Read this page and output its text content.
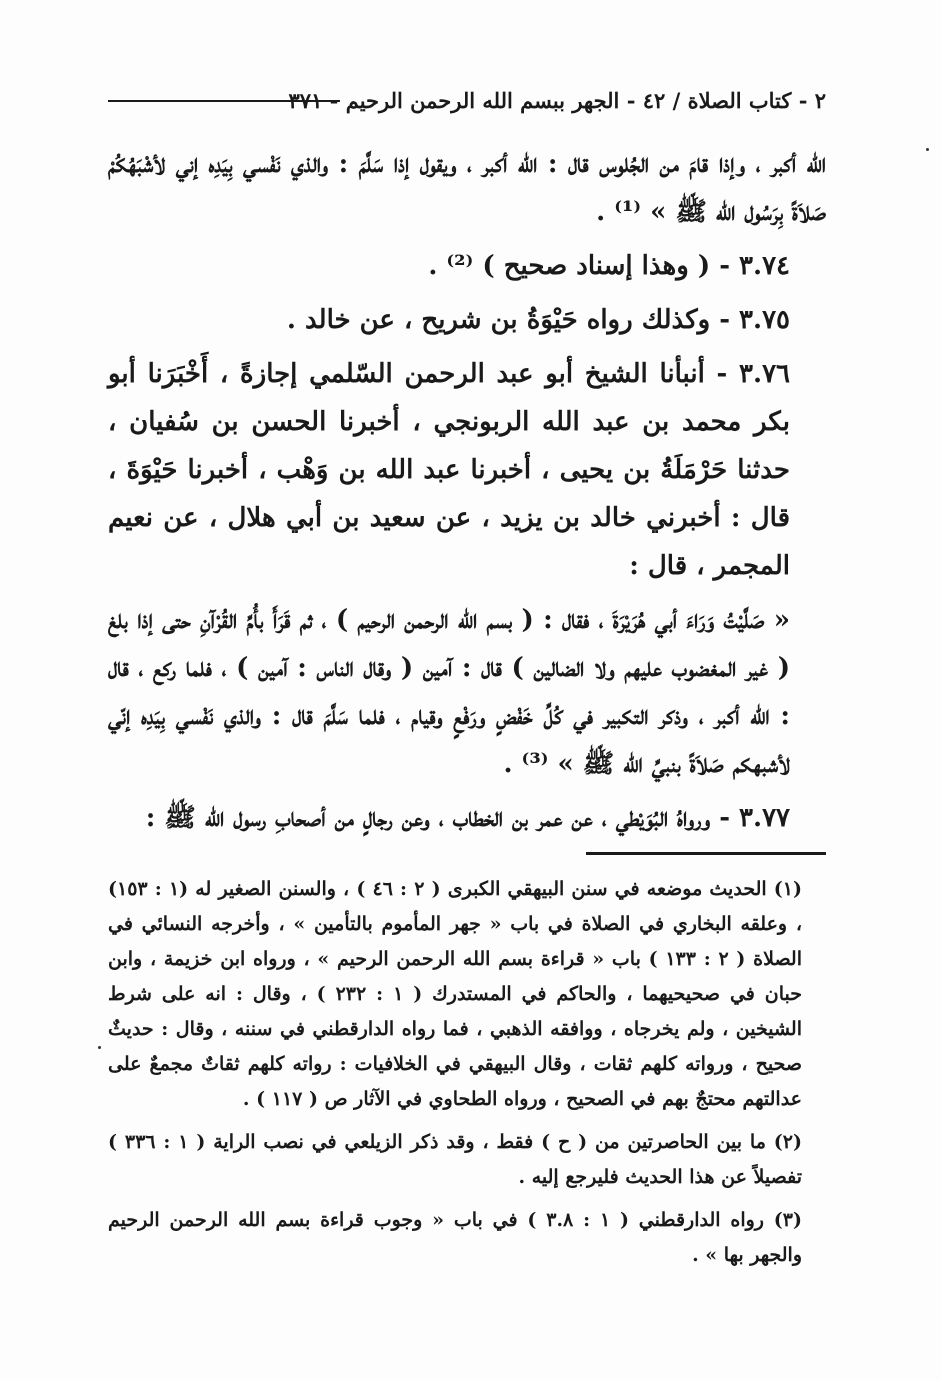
٢ - كتاب الصلاة / ٤٢ - الجهر ببسم الله الرحمن الرحيم - ٣٧١

الله أكبر ، وإذا قامَ من الجُلوس قال : الله أكبر ، ويقول إذا سَلَّمَ : والذي نَفْسي بِيَدِه إني لأشْبَهُكُمْ صَلاَةً بِرَسُول الله ﷺ » ⁽¹⁾ .

٣.٧٤ - ( وهذا إسناد صحيح ) ⁽²⁾ .

٣.٧٥ - وكذلك رواه حَيْوَةُ بن شريح ، عن خالد .

٣.٧٦ - أنبأنا الشيخ أبو عبد الرحمن السّلمي إجازةً ، أَخْبَرَنا أبو بكر محمد بن عبد الله الربونجي ، أخبرنا الحسن بن سُفيان ، حدثنا حَرْمَلَةُ بن يحيى ، أخبرنا عبد الله بن وَهْب ، أخبرنا حَيْوَةَ ، قال : أخبرني خالد بن يزيد ، عن سعيد بن أبي هلال ، عن نعيم المجمر ، قال :

« صَلَّيْتُ وَرَاءَ أبي هُرَيْرَةَ ، فقال : ( بسم الله الرحمن الرحيم ) ، ثم قَرَأَ بأُمِّ القُرْآنِ حتى إذا بلغ ( غير المغضوب عليهم ولا الضالين ) قال : آمين ( وقال الناس : آمين ) ، فلما ركع ، قال : الله أكبر ، وذكر التكبير في كُلِّ خَفْضٍ ورَفْعٍ وقيام ، فلما سَلَّمَ قال : والذي نَفْسي بِيَدِه إنّي لأشبهكم صَلاَةً بنبيِّ الله ﷺ » ⁽³⁾ .

٣.٧٧ - ورواهُ البُوَيْطي ، عن عمر بن الخطاب ، وعن رجالٍ من أصحابِ رسول الله ﷺ :

(١) الحديث موضعه في سنن البيهقي الكبرى ( ٢ : ٤٦ ) ، والسنن الصغير له (١ : ١٥٣) ، وعلقه البخاري في الصلاة في باب « جهر المأموم بالتأمين » ، وأخرجه النسائي في الصلاة ( ٢ : ١٣٣ ) باب « قراءة بسم الله الرحمن الرحيم » ، ورواه ابن خزيمة ، وابن حبان في صحيحيهما ، والحاكم في المستدرك ( ١ : ٢٣٢ ) ، وقال : انه على شرط الشيخين ، ولم يخرجاه ، ووافقه الذهبي ، فما رواه الدارقطني في سننه ، وقال : حديثٌ صحيح ، ورواته كلهم ثقات ، وقال البيهقي في الخلافيات : رواته كلهم ثقاتٌ مجمعٌ على عدالتهم محتجٌ بهم في الصحيح ، ورواه الطحاوي في الآثار ص ( ١١٧ ) .

(٢) ما بين الحاصرتين من ( ح ) فقط ، وقد ذكر الزيلعي في نصب الراية ( ١ : ٣٣٦ ) تفصيلاً عن هذا الحديث فليرجع إليه .

(٣) رواه الدارقطني ( ١ : ٣.٨ ) في باب « وجوب قراءة بسم الله الرحمن الرحيم والجهر بها » .
